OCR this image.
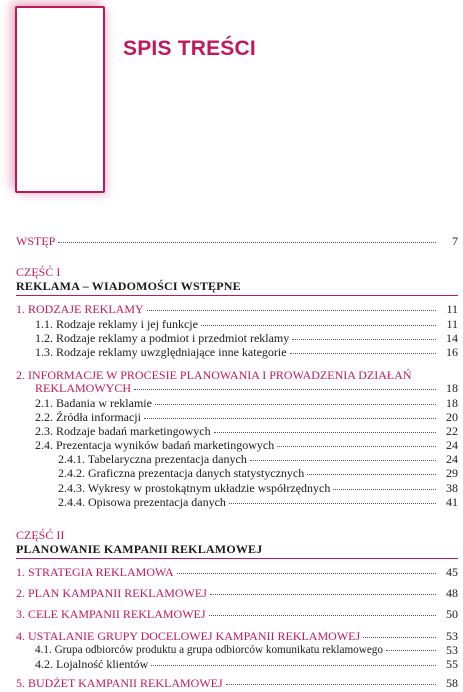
SPIS TREŚCI
WSTĘP	7
CZĘŚĆ I
REKLAMA – WIADOMOŚCI WSTĘPNE
1. RODZAJE REKLAMY	11
1.1. Rodzaje reklamy i jej funkcje	11
1.2. Rodzaje reklamy a podmiot i przedmiot reklamy	14
1.3. Rodzaje reklamy uwzględniające inne kategorie	16
2. INFORMACJE W PROCESIE PLANOWANIA I PROWADZENIA DZIAŁAŃ
REKLAMOWYCH	18
2.1. Badania w reklamie	18
2.2. Źródła informacji	20
2.3. Rodzaje badań marketingowych	22
2.4. Prezentacja wyników badań marketingowych	24
2.4.1. Tabelaryczna prezentacja danych	24
2.4.2. Graficzna prezentacja danych statystycznych	29
2.4.3. Wykresy w prostokątnym układzie współrzędnych	38
2.4.4. Opisowa prezentacja danych	41
CZĘŚĆ II
PLANOWANIE KAMPANII REKLAMOWEJ
1. STRATEGIA REKLAMOWA	45
2. PLAN KAMPANII REKLAMOWEJ	48
3. CELE KAMPANII REKLAMOWEJ	50
4. USTALANIE GRUPY DOCELOWEJ KAMPANII REKLAMOWEJ	53
4.1. Grupa odbiorców produktu a grupa odbiorców komunikatu reklamowego	53
4.2. Lojalność klientów	55
5. BUDŻET KAMPANII REKLAMOWEJ	58
